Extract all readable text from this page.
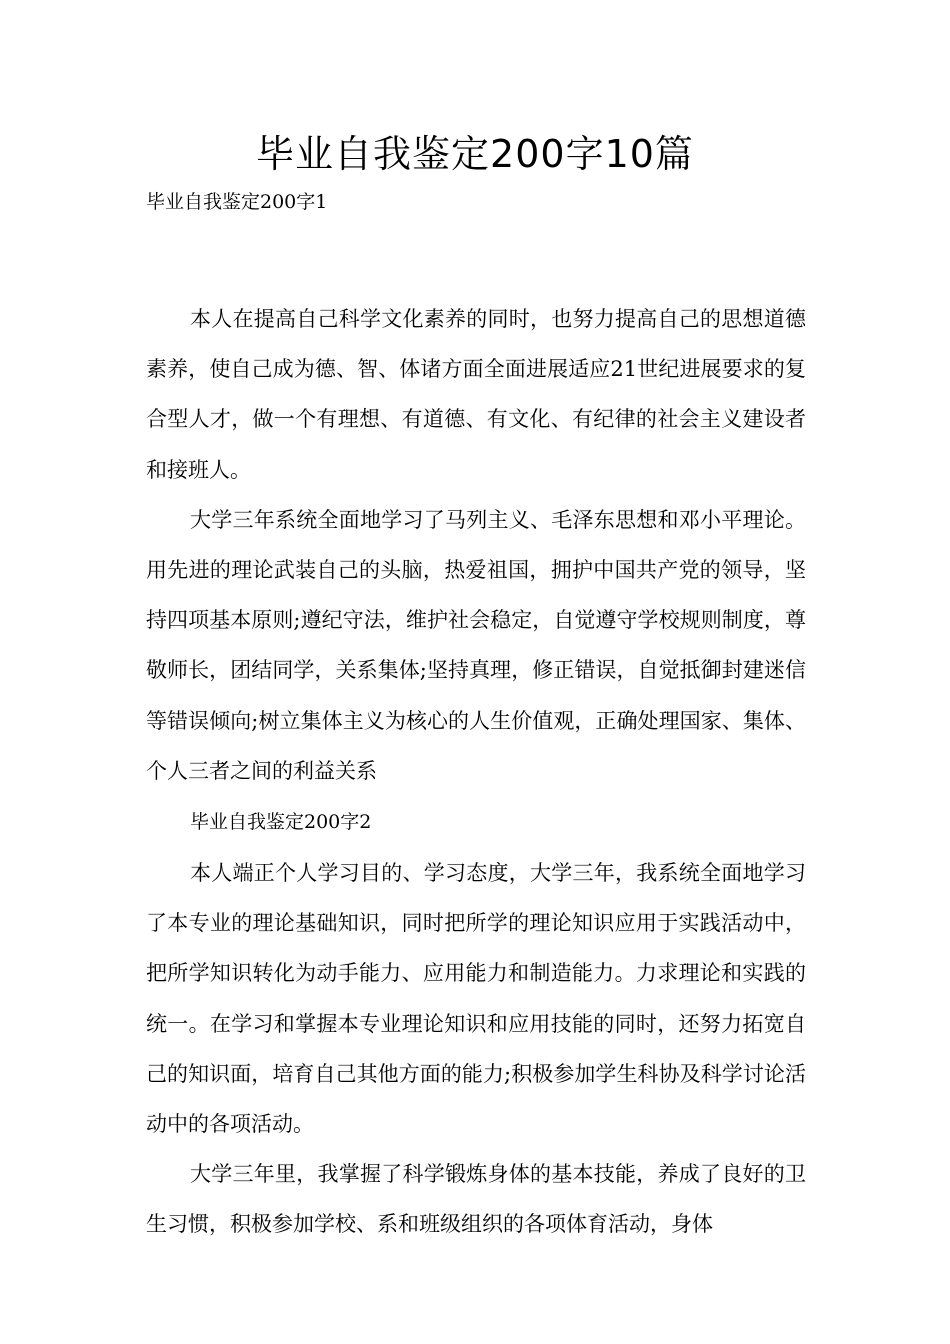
毕业自我鉴定200字10篇

毕业自我鉴定200字1

本人在提高自己科学文化素养的同时，也努力提高自己的思想道德素养，使自己成为德、智、体诸方面全面进展适应21世纪进展要求的复合型人才，做一个有理想、有道德、有文化、有纪律的社会主义建设者和接班人。

大学三年系统全面地学习了马列主义、毛泽东思想和邓小平理论。用先进的理论武装自己的头脑，热爱祖国，拥护中国共产党的领导，坚持四项基本原则;遵纪守法，维护社会稳定，自觉遵守学校规则制度，尊敬师长，团结同学，关系集体;坚持真理，修正错误，自觉抵御封建迷信等错误倾向;树立集体主义为核心的人生价值观，正确处理国家、集体、个人三者之间的利益关系

毕业自我鉴定200字2

本人端正个人学习目的、学习态度，大学三年，我系统全面地学习了本专业的理论基础知识，同时把所学的理论知识应用于实践活动中，把所学知识转化为动手能力、应用能力和制造能力。力求理论和实践的统一。在学习和掌握本专业理论知识和应用技能的同时，还努力拓宽自己的知识面，培育自己其他方面的能力;积极参加学生科协及科学讨论活动中的各项活动。

大学三年里，我掌握了科学锻炼身体的基本技能，养成了良好的卫生习惯，积极参加学校、系和班级组织的各项体育活动，身体
